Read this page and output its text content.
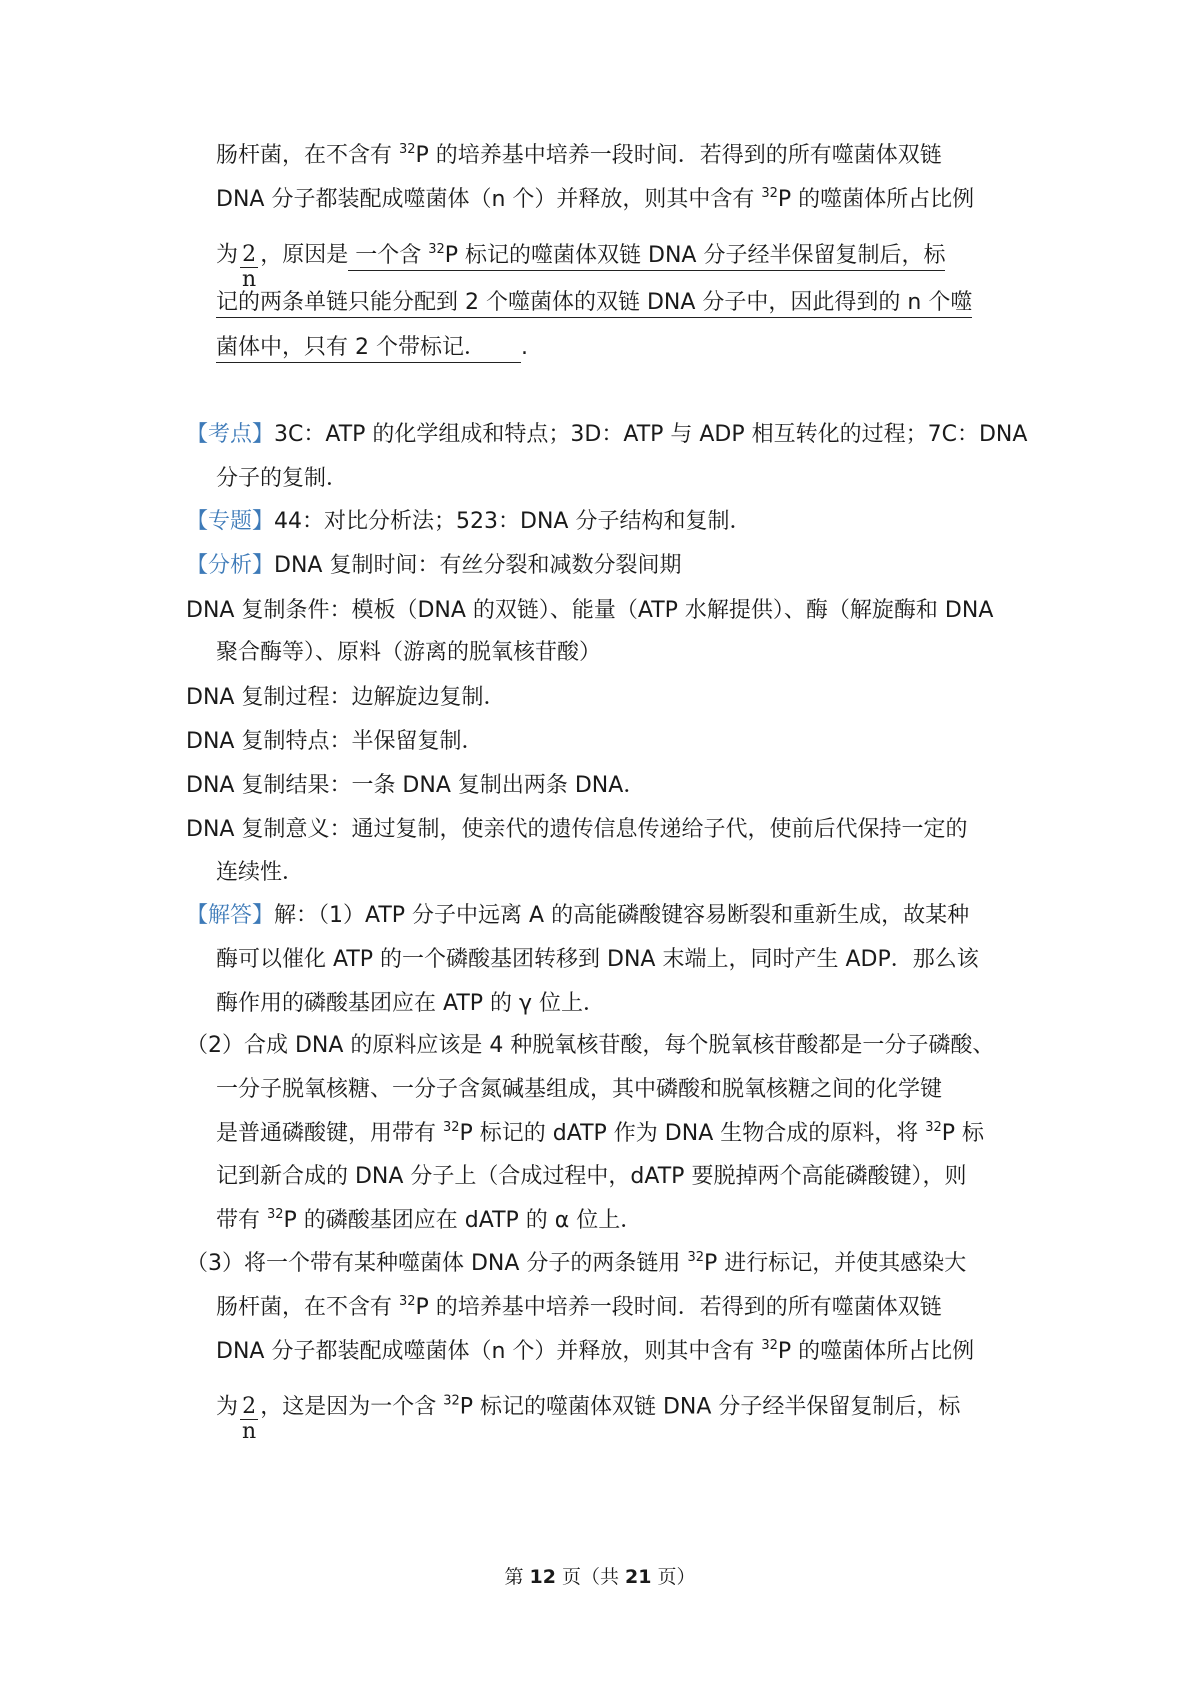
肠杆菌，在不含有 $^{32}$P 的培养基中培养一段时间．若得到的所有噬菌体双链
DNA 分子都装配成噬菌体（n 个）并释放，则其中含有 $^{32}$P 的噬菌体所占比例
为 $\frac{2}{n}$ ，原因是 一个含 $^{32}$P 标记的噬菌体双链 DNA 分子经半保留复制后，标
记的两条单链只能分配到 2 个噬菌体的双链 DNA 分子中，因此得到的 n 个噬
菌体中，只有 2 个带标记． .
【考点】3C：ATP 的化学组成和特点；3D：ATP 与 ADP 相互转化的过程；7C：DNA
分子的复制．
【专题】44：对比分析法；523：DNA 分子结构和复制．
【分析】DNA 复制时间：有丝分裂和减数分裂间期
DNA 复制条件：模板（DNA 的双链）、能量（ATP 水解提供）、酶（解旋酶和 DNA
聚合酶等）、原料（游离的脱氧核苷酸）
DNA 复制过程：边解旋边复制．
DNA 复制特点：半保留复制．
DNA 复制结果：一条 DNA 复制出两条 DNA．
DNA 复制意义：通过复制，使亲代的遗传信息传递给子代，使前后代保持一定的
连续性．
【解答】解：（1）ATP 分子中远离 A 的高能磷酸键容易断裂和重新生成，故某种
酶可以催化 ATP 的一个磷酸基团转移到 DNA 末端上，同时产生 ADP．那么该
酶作用的磷酸基团应在 ATP 的 γ 位上．
（2）合成 DNA 的原料应该是 4 种脱氧核苷酸，每个脱氧核苷酸都是一分子磷酸、
一分子脱氧核糖、一分子含氮碱基组成，其中磷酸和脱氧核糖之间的化学键
是普通磷酸键，用带有 $^{32}$P 标记的 dATP 作为 DNA 生物合成的原料，将 $^{32}$P 标
记到新合成的 DNA 分子上（合成过程中，dATP 要脱掉两个高能磷酸键），则
带有 $^{32}$P 的磷酸基团应在 dATP 的 α 位上．
（3）将一个带有某种噬菌体 DNA 分子的两条链用 $^{32}$P 进行标记，并使其感染大
肠杆菌，在不含有 $^{32}$P 的培养基中培养一段时间．若得到的所有噬菌体双链
DNA 分子都装配成噬菌体（n 个）并释放，则其中含有 $^{32}$P 的噬菌体所占比例
为 $\frac{2}{n}$ ，这是因为一个含 $^{32}$P 标记的噬菌体双链 DNA 分子经半保留复制后，标
第 12 页（共 21 页）
